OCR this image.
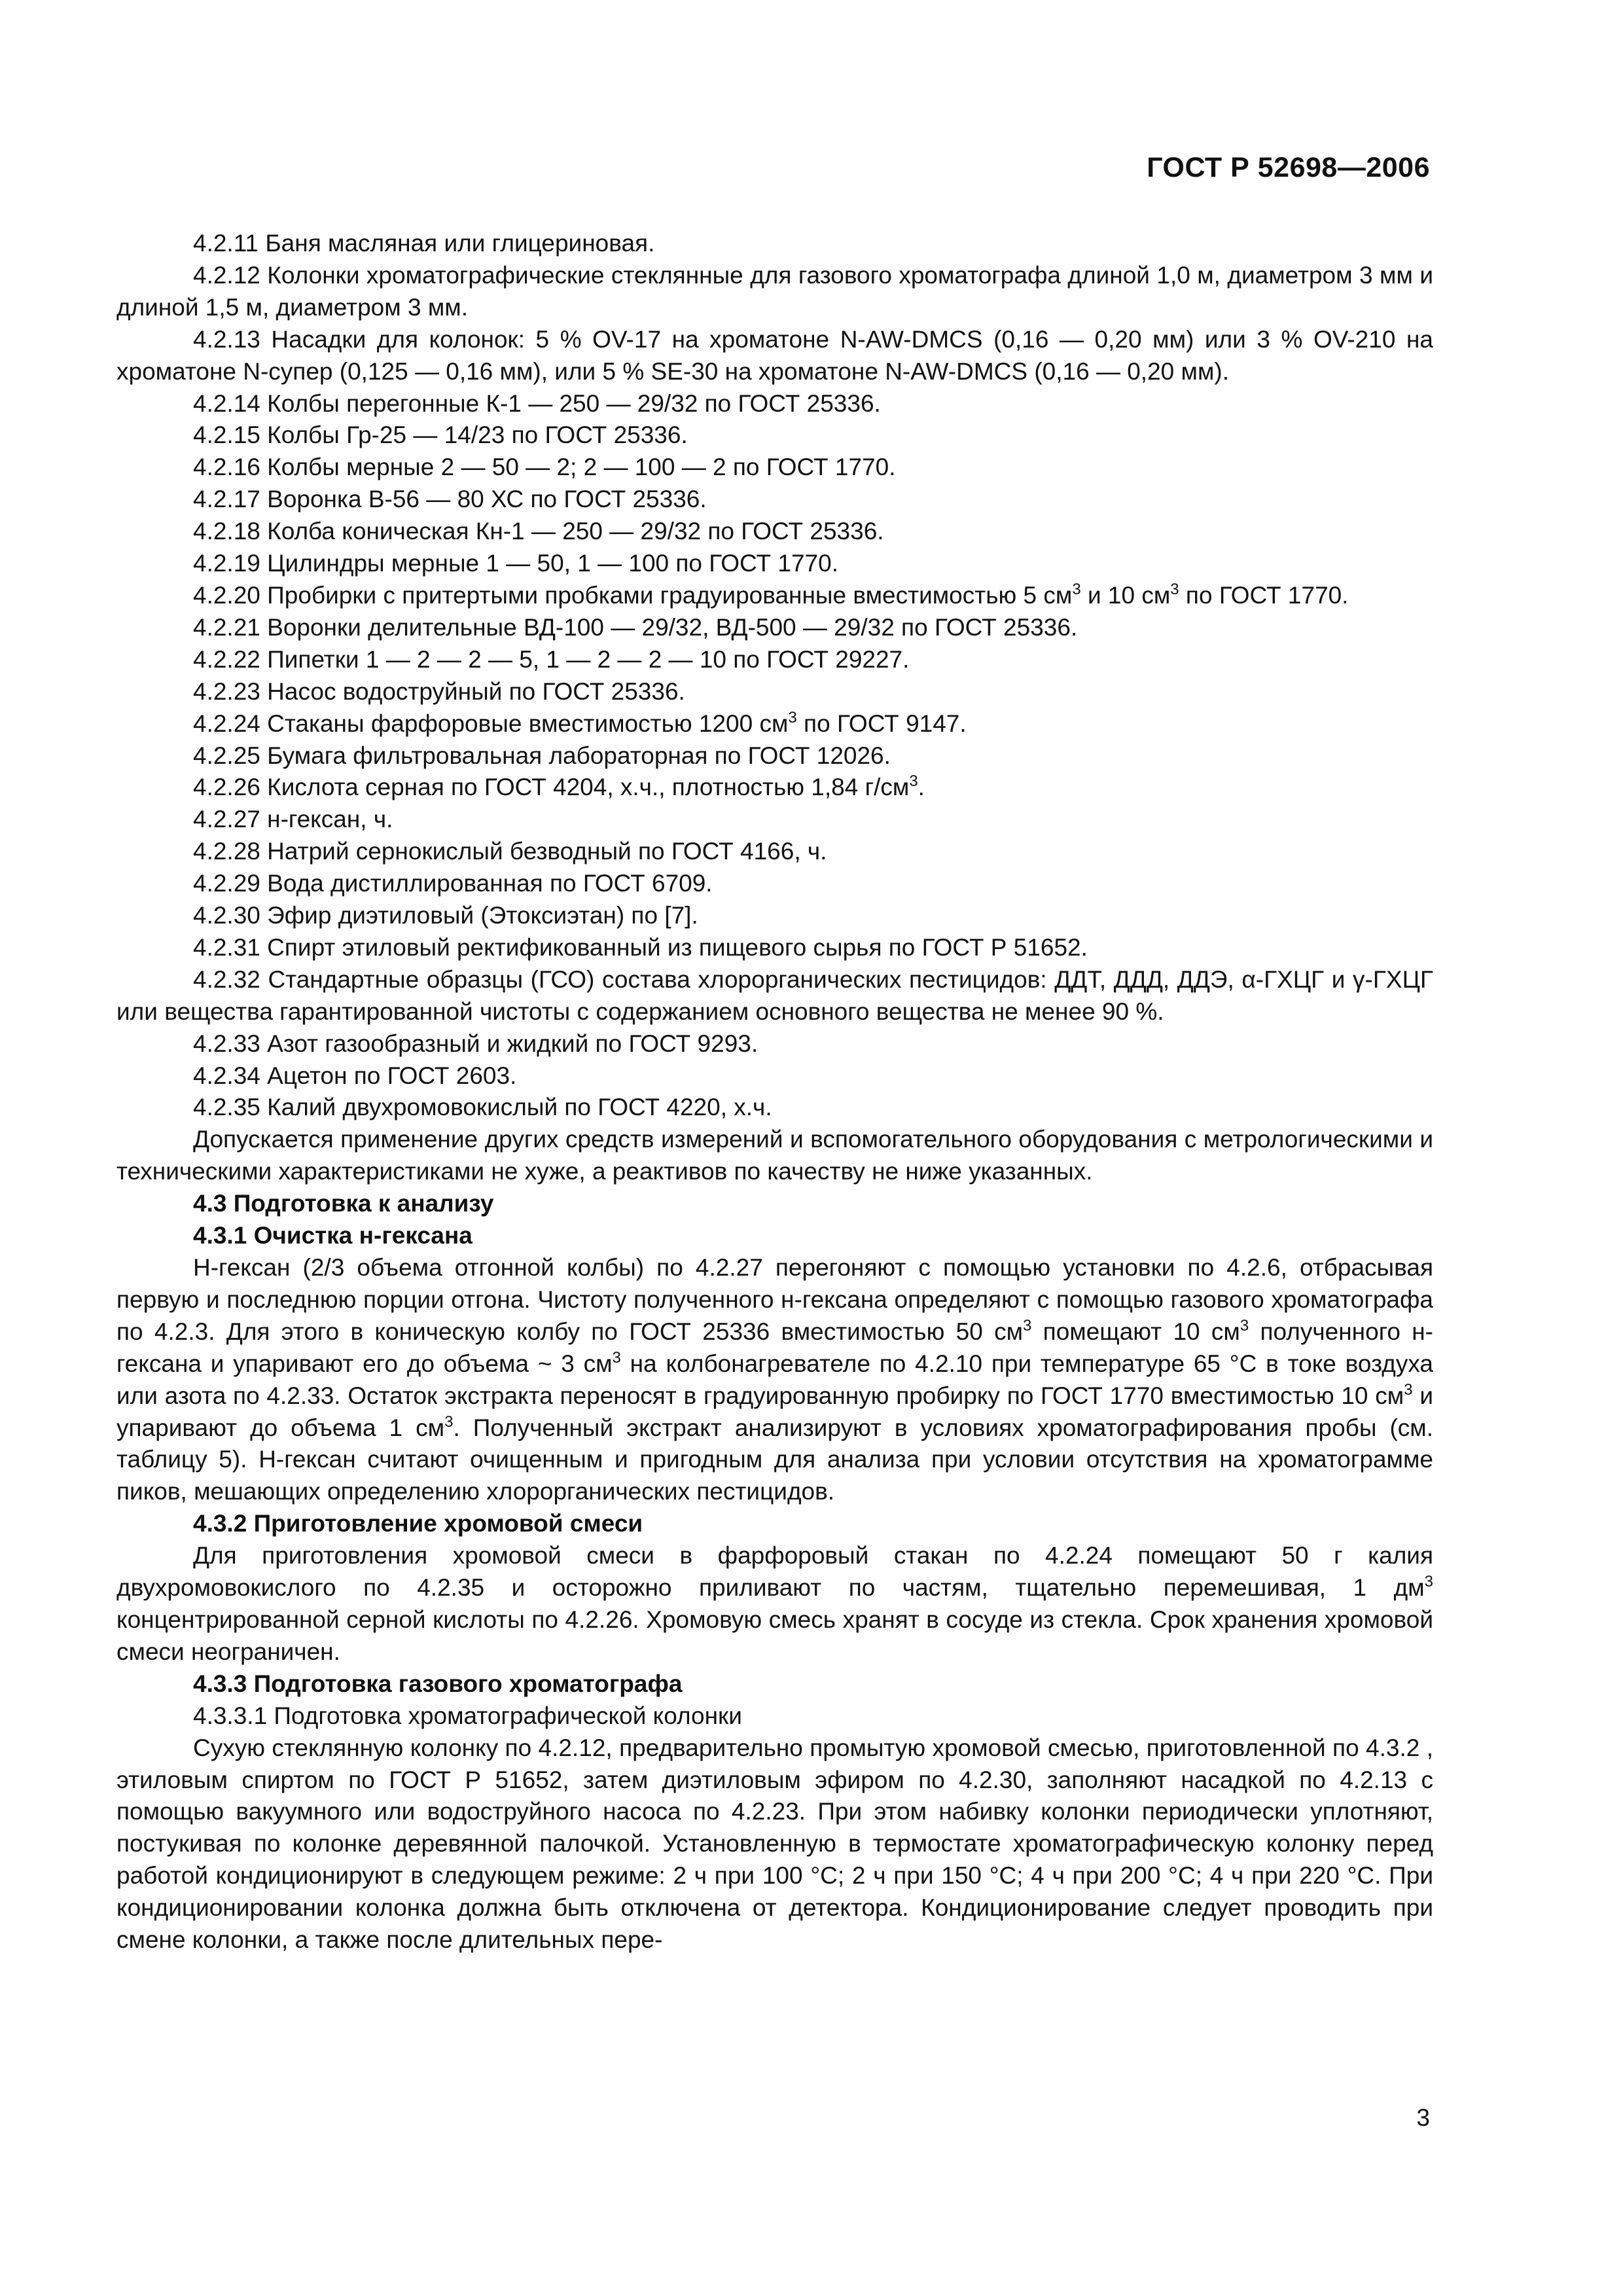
ГОСТ Р 52698—2006

4.2.11 Баня масляная или глицериновая.

4.2.12 Колонки хроматографические стеклянные для газового хроматографа длиной 1,0 м, диаметром 3 мм и длиной 1,5 м, диаметром 3 мм.

4.2.13 Насадки для колонок: 5 % OV-17 на хроматоне N-AW-DMCS (0,16 — 0,20 мм) или 3 % OV-210 на хроматоне N-супер (0,125 — 0,16 мм), или 5 % SE-30 на хроматоне N-AW-DMCS (0,16 — 0,20 мм).

4.2.14 Колбы перегонные К-1 — 250 — 29/32 по ГОСТ 25336.

4.2.15 Колбы Гр-25 — 14/23 по ГОСТ 25336.

4.2.16 Колбы мерные 2 — 50 — 2; 2 — 100 — 2 по ГОСТ 1770.

4.2.17 Воронка В-56 — 80 ХС по ГОСТ 25336.

4.2.18 Колба коническая Кн-1 — 250 — 29/32 по ГОСТ 25336.

4.2.19 Цилиндры мерные 1 — 50, 1 — 100 по ГОСТ 1770.

4.2.20 Пробирки с притертыми пробками градуированные вместимостью 5 $см^3$ и 10 $см^3$ по ГОСТ 1770.

4.2.21 Воронки делительные ВД-100 — 29/32, ВД-500 — 29/32 по ГОСТ 25336.

4.2.22 Пипетки 1 — 2 — 2 — 5, 1 — 2 — 2 — 10 по ГОСТ 29227.

4.2.23 Насос водоструйный по ГОСТ 25336.

4.2.24 Стаканы фарфоровые вместимостью 1200 $см^3$ по ГОСТ 9147.

4.2.25 Бумага фильтровальная лабораторная по ГОСТ 12026.

4.2.26 Кислота серная по ГОСТ 4204, х.ч., плотностью 1,84 $г/см^3$.

4.2.27 н-гексан, ч.

4.2.28 Натрий сернокислый безводный по ГОСТ 4166, ч.

4.2.29 Вода дистиллированная по ГОСТ 6709.

4.2.30 Эфир диэтиловый (Этоксиэтан) по [7].

4.2.31 Спирт этиловый ректификованный из пищевого сырья по ГОСТ Р 51652.

4.2.32 Стандартные образцы (ГСО) состава хлорорганических пестицидов: ДДТ, ДДД, ДДЭ, α-ГХЦГ и γ-ГХЦГ или вещества гарантированной чистоты с содержанием основного вещества не менее 90 %.

4.2.33 Азот газообразный и жидкий по ГОСТ 9293.

4.2.34 Ацетон по ГОСТ 2603.

4.2.35 Калий двухромовокислый по ГОСТ 4220, х.ч.

Допускается применение других средств измерений и вспомогательного оборудования с метрологическими и техническими характеристиками не хуже, а реактивов по качеству не ниже указанных.

4.3 Подготовка к анализу

4.3.1 Очистка н-гексана

Н-гексан (2/3 объема отгонной колбы) по 4.2.27 перегоняют с помощью установки по 4.2.6, отбрасывая первую и последнюю порции отгона. Чистоту полученного н-гексана определяют с помощью газового хроматографа по 4.2.3. Для этого в коническую колбу по ГОСТ 25336 вместимостью 50 $см^3$ помещают 10 $см^3$ полученного н-гексана и упаривают его до объема ~ 3 $см^3$ на колбонагревателе по 4.2.10 при температуре 65 °С в токе воздуха или азота по 4.2.33. Остаток экстракта переносят в градуированную пробирку по ГОСТ 1770 вместимостью 10 $см^3$ и упаривают до объема 1 $см^3$. Полученный экстракт анализируют в условиях хроматографирования пробы (см. таблицу 5). Н-гексан считают очищенным и пригодным для анализа при условии отсутствия на хроматограмме пиков, мешающих определению хлорорганических пестицидов.

4.3.2 Приготовление хромовой смеси

Для приготовления хромовой смеси в фарфоровый стакан по 4.2.24 помещают 50 г калия двухромовокислого по 4.2.35 и осторожно приливают по частям, тщательно перемешивая, 1 $дм^3$ концентрированной серной кислоты по 4.2.26. Хромовую смесь хранят в сосуде из стекла. Срок хранения хромовой смеси неограничен.

4.3.3 Подготовка газового хроматографа

4.3.3.1 Подготовка хроматографической колонки

Сухую стеклянную колонку по 4.2.12, предварительно промытую хромовой смесью, приготовленной по 4.3.2 , этиловым спиртом по ГОСТ Р 51652, затем диэтиловым эфиром по 4.2.30, заполняют насадкой по 4.2.13 с помощью вакуумного или водоструйного насоса по 4.2.23. При этом набивку колонки периодически уплотняют, постукивая по колонке деревянной палочкой. Установленную в термостате хроматографическую колонку перед работой кондиционируют в следующем режиме: 2 ч при 100 °С; 2 ч при 150 °С; 4 ч при 200 °С; 4 ч при 220 °С. При кондиционировании колонка должна быть отключена от детектора. Кондиционирование следует проводить при смене колонки, а также после длительных пере-

3
